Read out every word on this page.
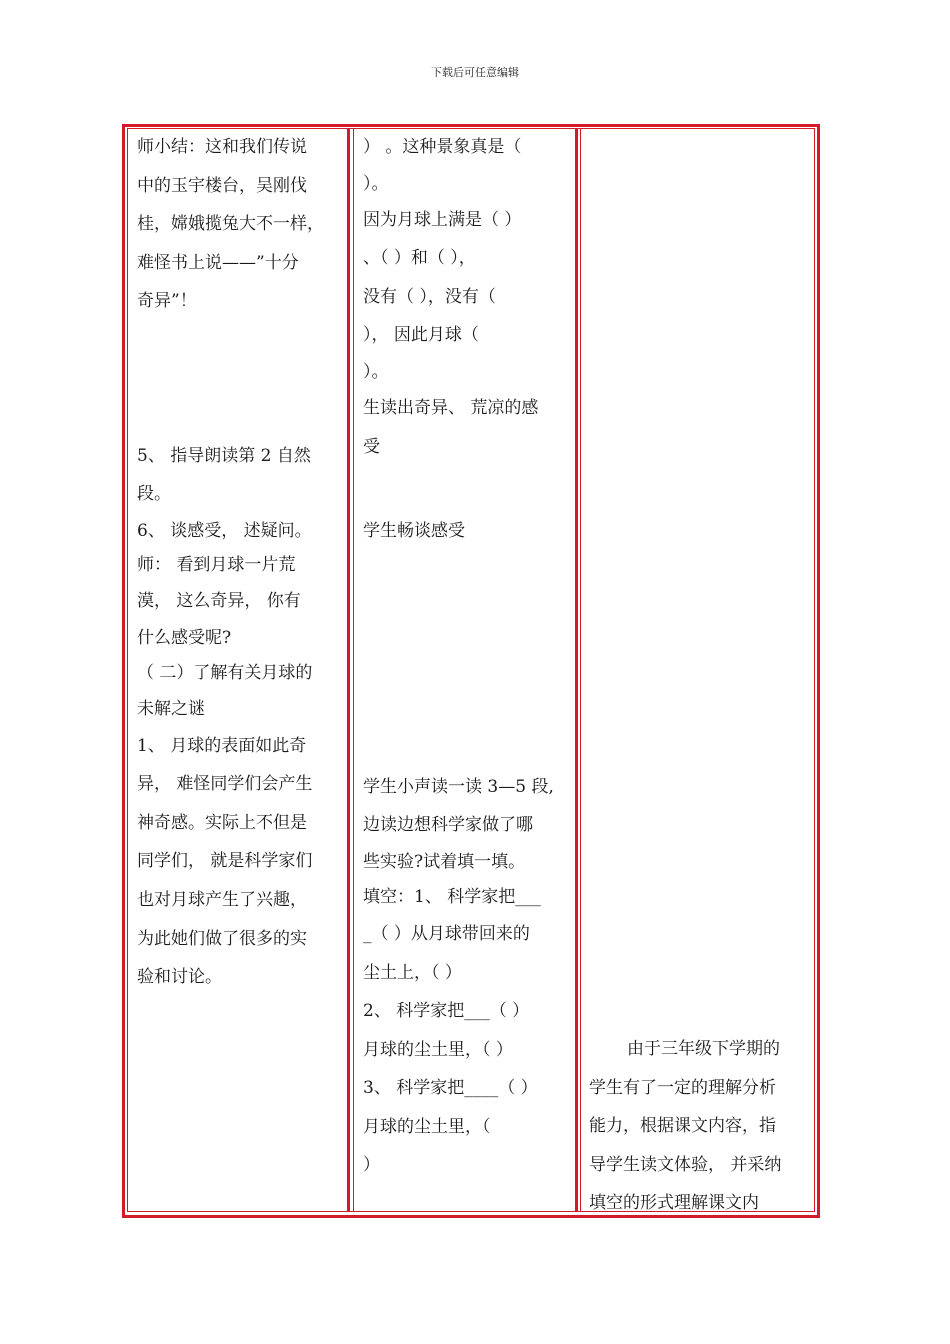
下载后可任意编辑
师小结：这和我们传说
中的玉宇楼台，吴刚伐
桂，嫦娥揽兔大不一样，
难怪书上说——”十分
奇异”！
5、 指导朗读第 2 自然
段。
6、 谈感受， 述疑问。
师： 看到月球一片荒
漠， 这么奇异， 你有
什么感受呢?
（ 二）了解有关月球的
未解之谜
1、 月球的表面如此奇
异， 难怪同学们会产生
神奇感。实际上不但是
同学们， 就是科学家们
也对月球产生了兴趣，
为此她们做了很多的实
验和讨论。
） 。这种景象真是（
）。
因为月球上满是（ ）
、（ ）和（ ），
没有（ ），没有（
）， 因此月球（
）。
生读出奇异、 荒凉的感
受
学生畅谈感受
学生小声读一读 3—5 段,
边读边想科学家做了哪
些实验?试着填一填。
填空：1、 科学家把___
_（ ）从月球带回来的
尘土上，（ ）
2、 科学家把___（ ）
月球的尘土里，（ ）
3、 科学家把____（ ）
月球的尘土里，（
）
由于三年级下学期的
学生有了一定的理解分析
能力，根据课文内容，指
导学生读文体验， 并采纳
填空的形式理解课文内
